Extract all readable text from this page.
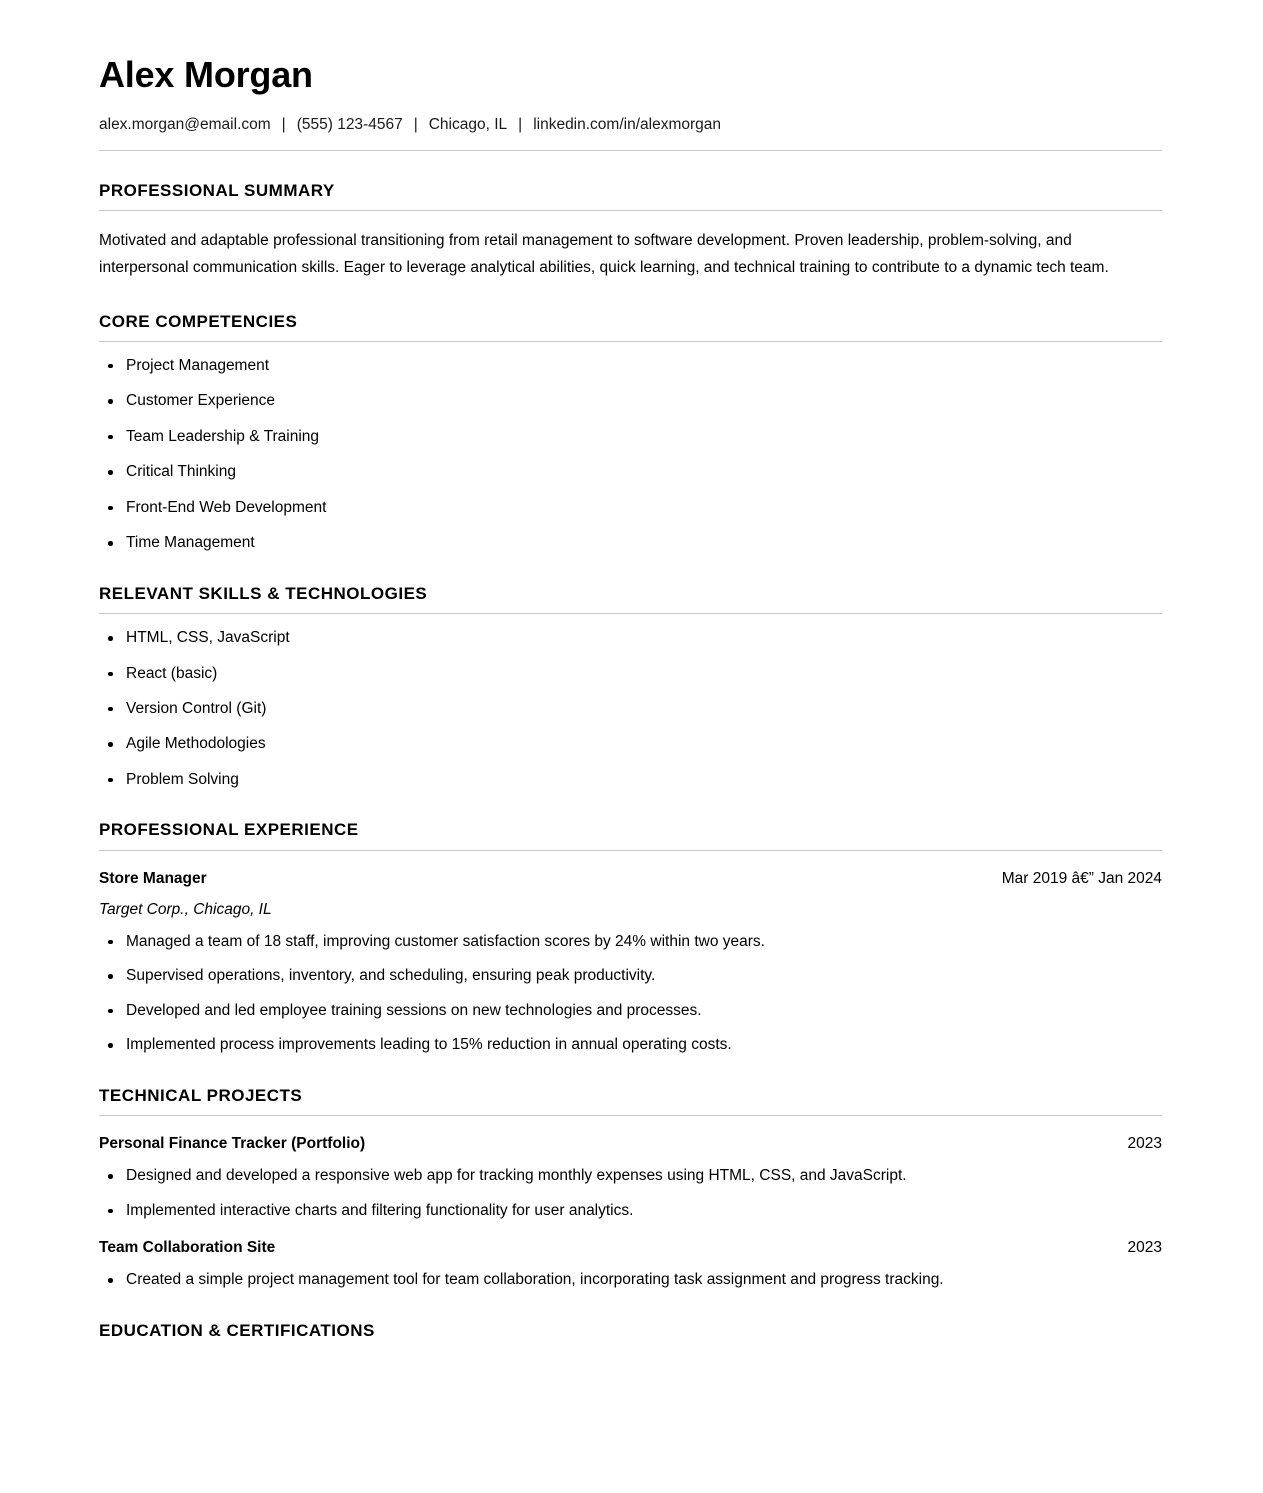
Alex Morgan
alex.morgan@email.com | (555) 123-4567 | Chicago, IL | linkedin.com/in/alexmorgan
PROFESSIONAL SUMMARY

Motivated and adaptable professional transitioning from retail management to software development. Proven leadership, problem-solving, and interpersonal communication skills. Eager to leverage analytical abilities, quick learning, and technical training to contribute to a dynamic tech team.

CORE COMPETENCIES
Project Management
Customer Experience
Team Leadership & Training
Critical Thinking
Front-End Web Development
Time Management
RELEVANT SKILLS & TECHNOLOGIES
HTML, CSS, JavaScript
React (basic)
Version Control (Git)
Agile Methodologies
Problem Solving
PROFESSIONAL EXPERIENCE
Store Manager	Mar 2019 â€” Jan 2024
Target Corp., Chicago, IL
Managed a team of 18 staff, improving customer satisfaction scores by 24% within two years.
Supervised operations, inventory, and scheduling, ensuring peak productivity.
Developed and led employee training sessions on new technologies and processes.
Implemented process improvements leading to 15% reduction in annual operating costs.
TECHNICAL PROJECTS
Personal Finance Tracker (Portfolio)	2023
Designed and developed a responsive web app for tracking monthly expenses using HTML, CSS, and JavaScript.
Implemented interactive charts and filtering functionality for user analytics.
Team Collaboration Site	2023
Created a simple project management tool for team collaboration, incorporating task assignment and progress tracking.
EDUCATION & CERTIFICATIONS
